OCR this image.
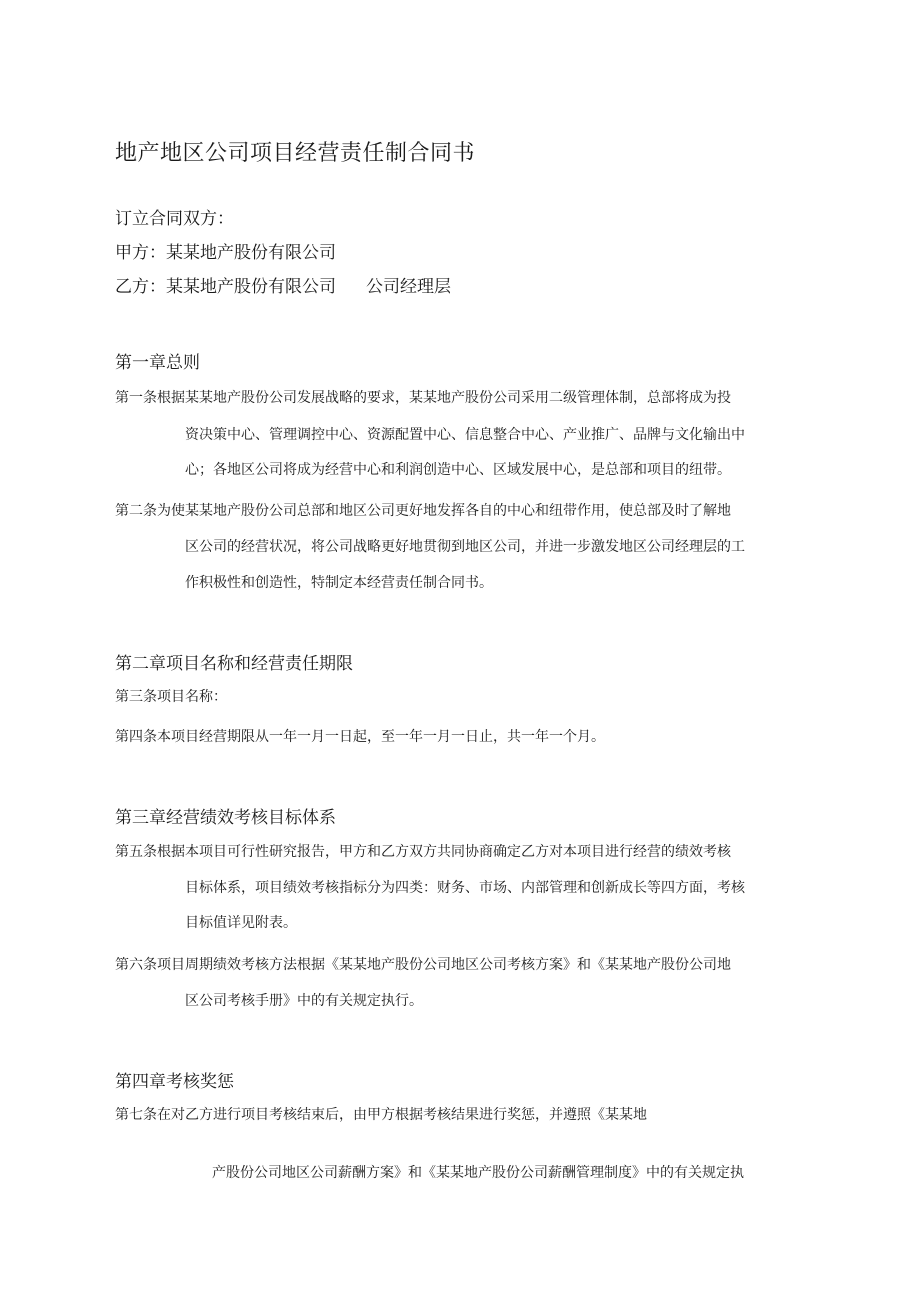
地产地区公司项目经营责任制合同书
订立合同双方：
甲方：某某地产股份有限公司
乙方：某某地产股份有限公司 公司经理层
第一章总则
第一条根据某某地产股份公司发展战略的要求，某某地产股份公司采用二级管理体制，总部将成为投
资决策中心、管理调控中心、资源配置中心、信息整合中心、产业推广、品牌与文化输出中
心；各地区公司将成为经营中心和利润创造中心、区域发展中心，是总部和项目的纽带。
第二条为使某某地产股份公司总部和地区公司更好地发挥各自的中心和纽带作用，使总部及时了解地
区公司的经营状况，将公司战略更好地贯彻到地区公司，并进一步激发地区公司经理层的工
作积极性和创造性，特制定本经营责任制合同书。
第二章项目名称和经营责任期限
第三条项目名称：
第四条本项目经营期限从一年一月一日起，至一年一月一日止，共一年一个月。
第三章经营绩效考核目标体系
第五条根据本项目可行性研究报告，甲方和乙方双方共同协商确定乙方对本项目进行经营的绩效考核
目标体系，项目绩效考核指标分为四类：财务、市场、内部管理和创新成长等四方面，考核
目标值详见附表。
第六条项目周期绩效考核方法根据《某某地产股份公司地区公司考核方案》和《某某地产股份公司地
区公司考核手册》中的有关规定执行。
第四章考核奖惩
第七条在对乙方进行项目考核结束后，由甲方根据考核结果进行奖惩，并遵照《某某地
产股份公司地区公司薪酬方案》和《某某地产股份公司薪酬管理制度》中的有关规定执
